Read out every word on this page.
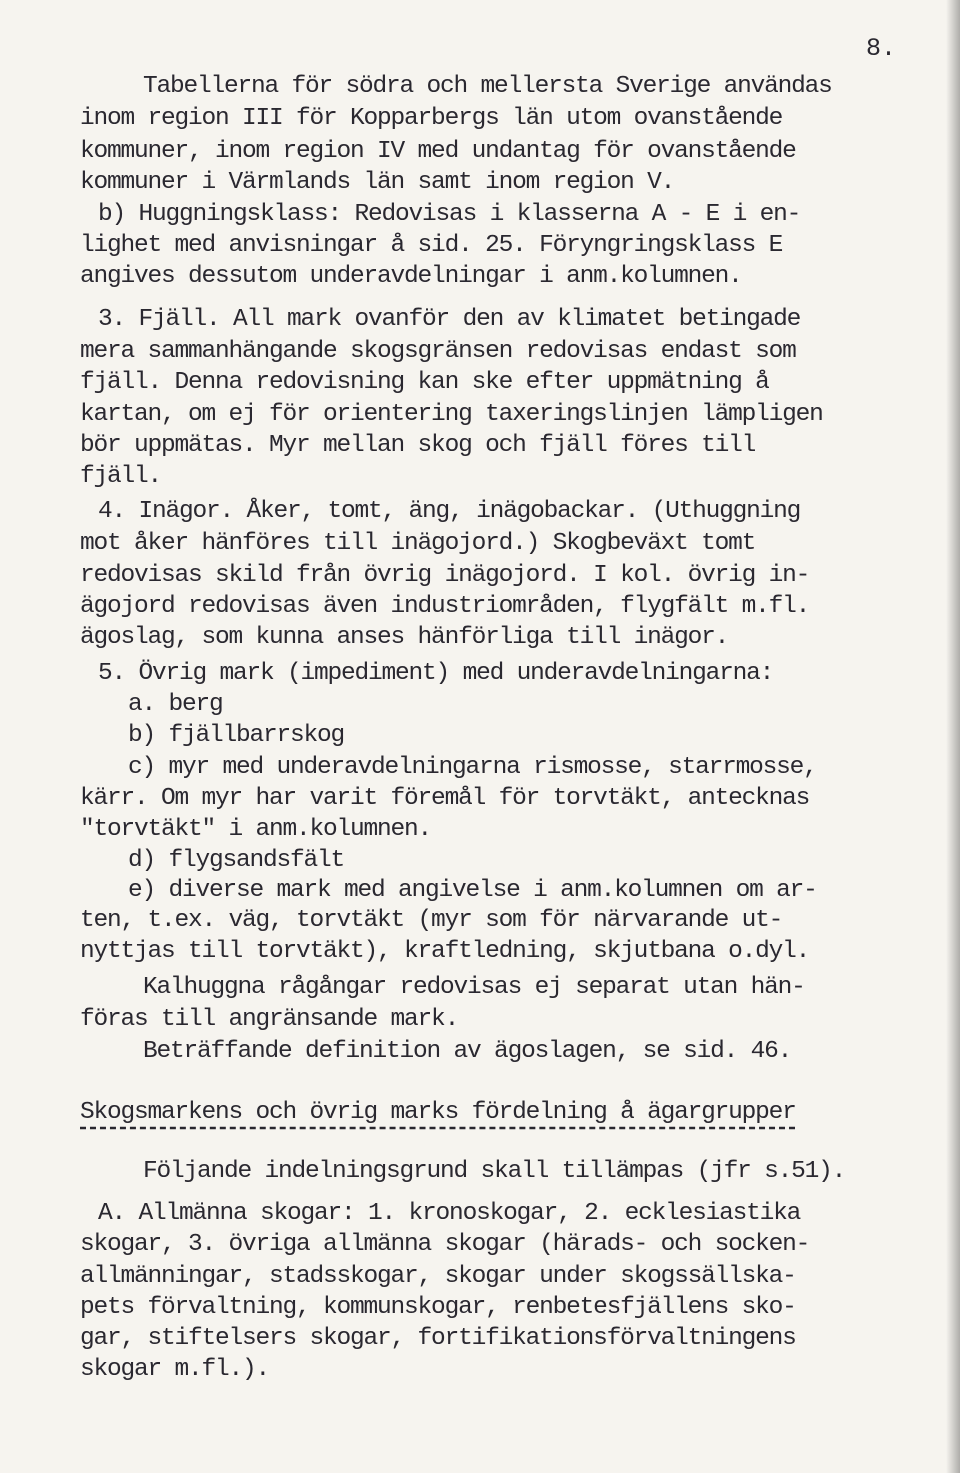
8.
Tabellerna för södra och mellersta Sverige användas
inom region III för Kopparbergs län utom ovanstående
kommuner, inom region IV med undantag för ovanstående
kommuner i Värmlands län samt inom region V.
b) Huggningsklass: Redovisas i klasserna A - E i en-
lighet med anvisningar å sid. 25. Föryngringsklass E
angives dessutom underavdelningar i anm.kolumnen.
3. Fjäll. All mark ovanför den av klimatet betingade
mera sammanhängande skogsgränsen redovisas endast som
fjäll. Denna redovisning kan ske efter uppmätning å
kartan, om ej för orientering taxeringslinjen lämpligen
bör uppmätas. Myr mellan skog och fjäll föres till
fjäll.
4. Inägor. Åker, tomt, äng, inägobackar. (Uthuggning
mot åker hänföres till inägojord.) Skogbeväxt tomt
redovisas skild från övrig inägojord. I kol. övrig in-
ägojord redovisas även industriområden, flygfält m.fl.
ägoslag, som kunna anses hänförliga till inägor.
5. Övrig mark (impediment) med underavdelningarna:
a. berg
b) fjällbarrskog
c) myr med underavdelningarna rismosse, starrmosse,
kärr. Om myr har varit föremål för torvtäkt, antecknas
"torvtäkt" i anm.kolumnen.
d) flygsandsfält
e) diverse mark med angivelse i anm.kolumnen om ar-
ten, t.ex. väg, torvtäkt (myr som för närvarande ut-
nyttjas till torvtäkt), kraftledning, skjutbana o.dyl.
Kalhuggna rågångar redovisas ej separat utan hän-
föras till angränsande mark.
Beträffande definition av ägoslagen, se sid. 46.
Skogsmarkens och övrig marks fördelning å ägargrupper
Följande indelningsgrund skall tillämpas (jfr s.51).
A. Allmänna skogar: 1. kronoskogar, 2. ecklesiastika
skogar, 3. övriga allmänna skogar (härads- och socken-
allmänningar, stadsskogar, skogar under skogssällska-
pets förvaltning, kommunskogar, renbetesfjällens sko-
gar, stiftelsers skogar, fortifikationsförvaltningens
skogar m.fl.).
